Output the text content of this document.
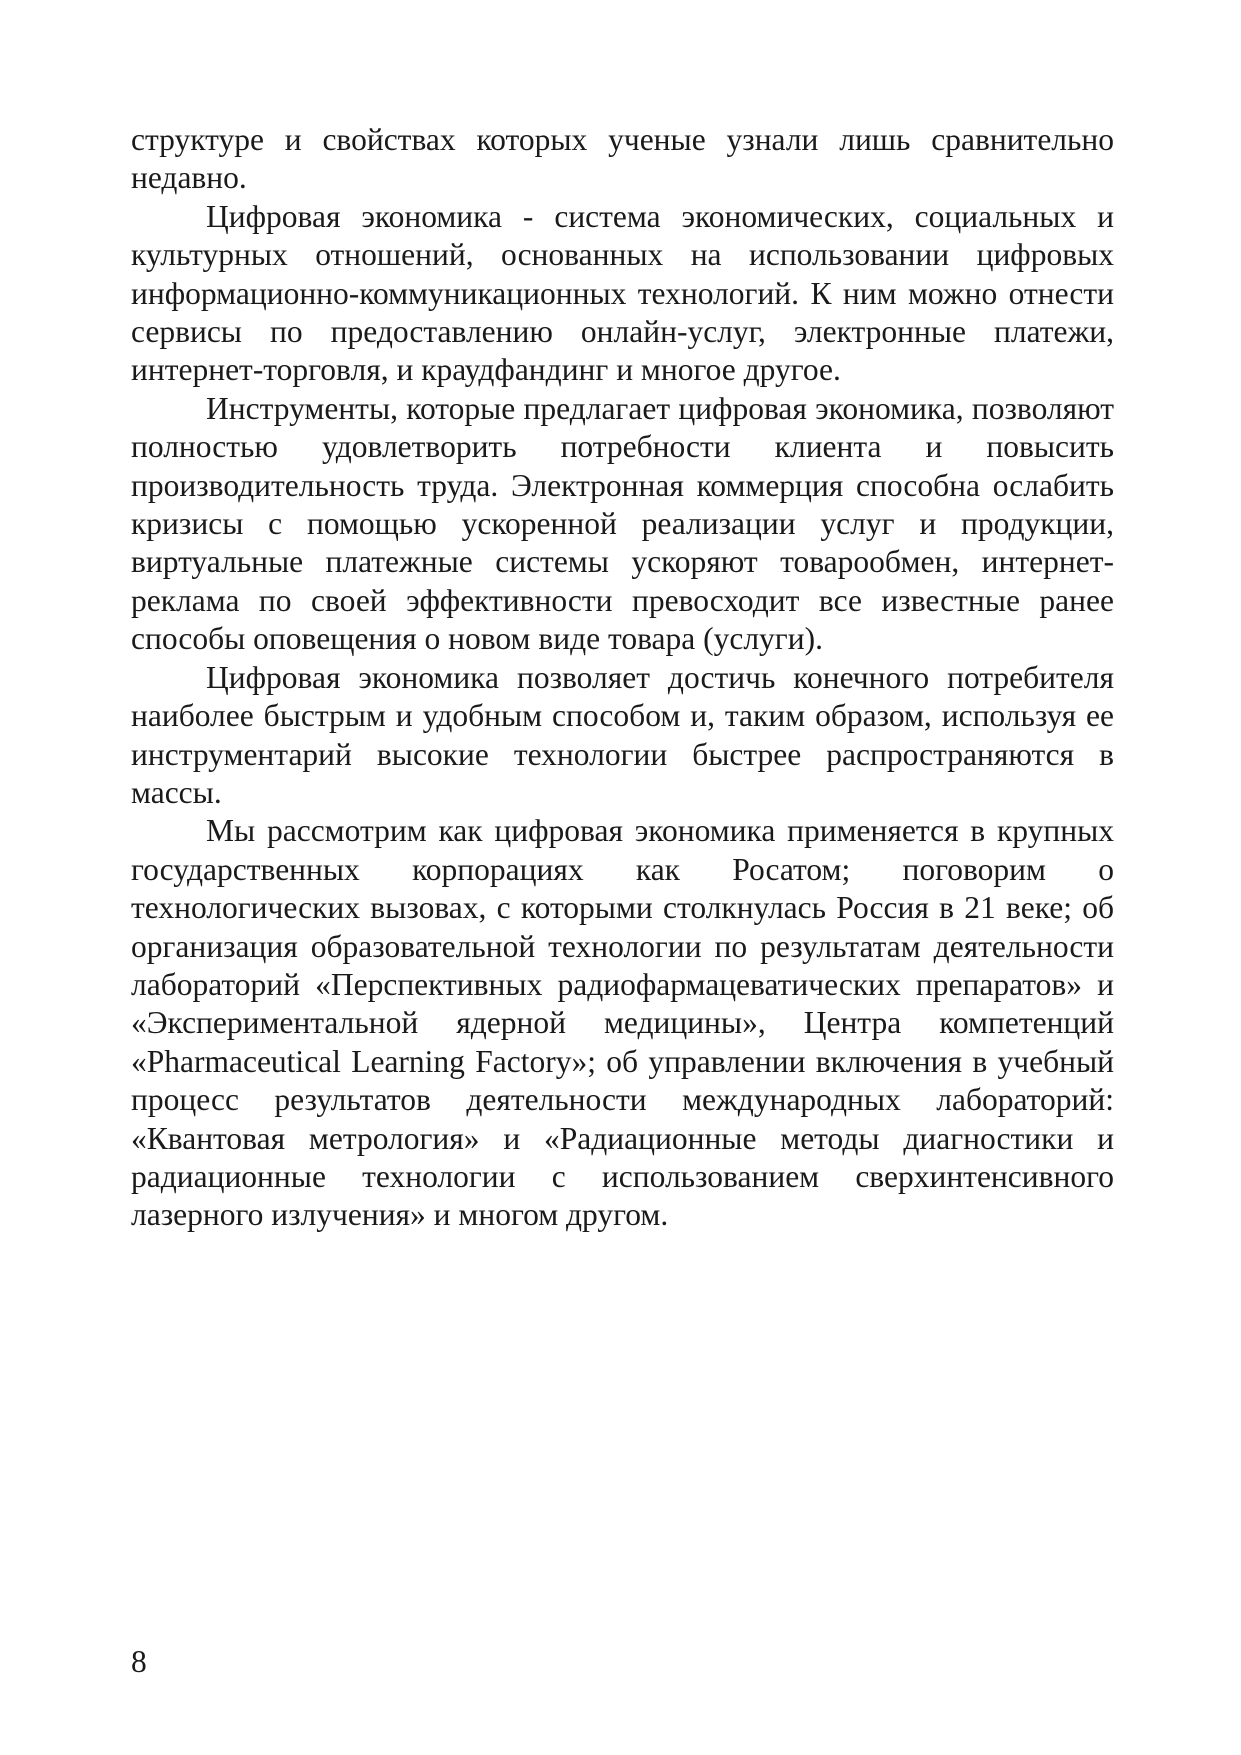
структуре и свойствах которых ученые узнали лишь сравнительно недавно.

Цифровая экономика - система экономических, социальных и культурных отношений, основанных на использовании цифровых информационно-коммуникационных технологий. К ним можно отнести сервисы по предоставлению онлайн-услуг, электронные платежи, интернет-торговля, и краудфандинг и многое другое.

Инструменты, которые предлагает цифровая экономика, позволяют полностью удовлетворить потребности клиента и повысить производительность труда. Электронная коммерция способна ослабить кризисы с помощью ускоренной реализации услуг и продукции, виртуальные платежные системы ускоряют товарообмен, интернет-реклама по своей эффективности превосходит все известные ранее способы оповещения о новом виде товара (услуги).

Цифровая экономика позволяет достичь конечного потребителя наиболее быстрым и удобным способом и, таким образом, используя ее инструментарий высокие технологии быстрее распространяются в массы.

Мы рассмотрим как цифровая экономика применяется в крупных государственных корпорациях как Росатом; поговорим о технологических вызовах, с которыми столкнулась Россия в 21 веке; об организация образовательной технологии по результатам деятельности лабораторий «Перспективных радиофармацеватических препаратов» и «Экспериментальной ядерной медицины», Центра компетенций «Pharmaceutical Learning Factory»; об управлении включения в учебный процесс результатов деятельности международных лабораторий: «Квантовая метрология» и «Радиационные методы диагностики и радиационные технологии с использованием сверхинтенсивного лазерного излучения» и многом другом.

8
